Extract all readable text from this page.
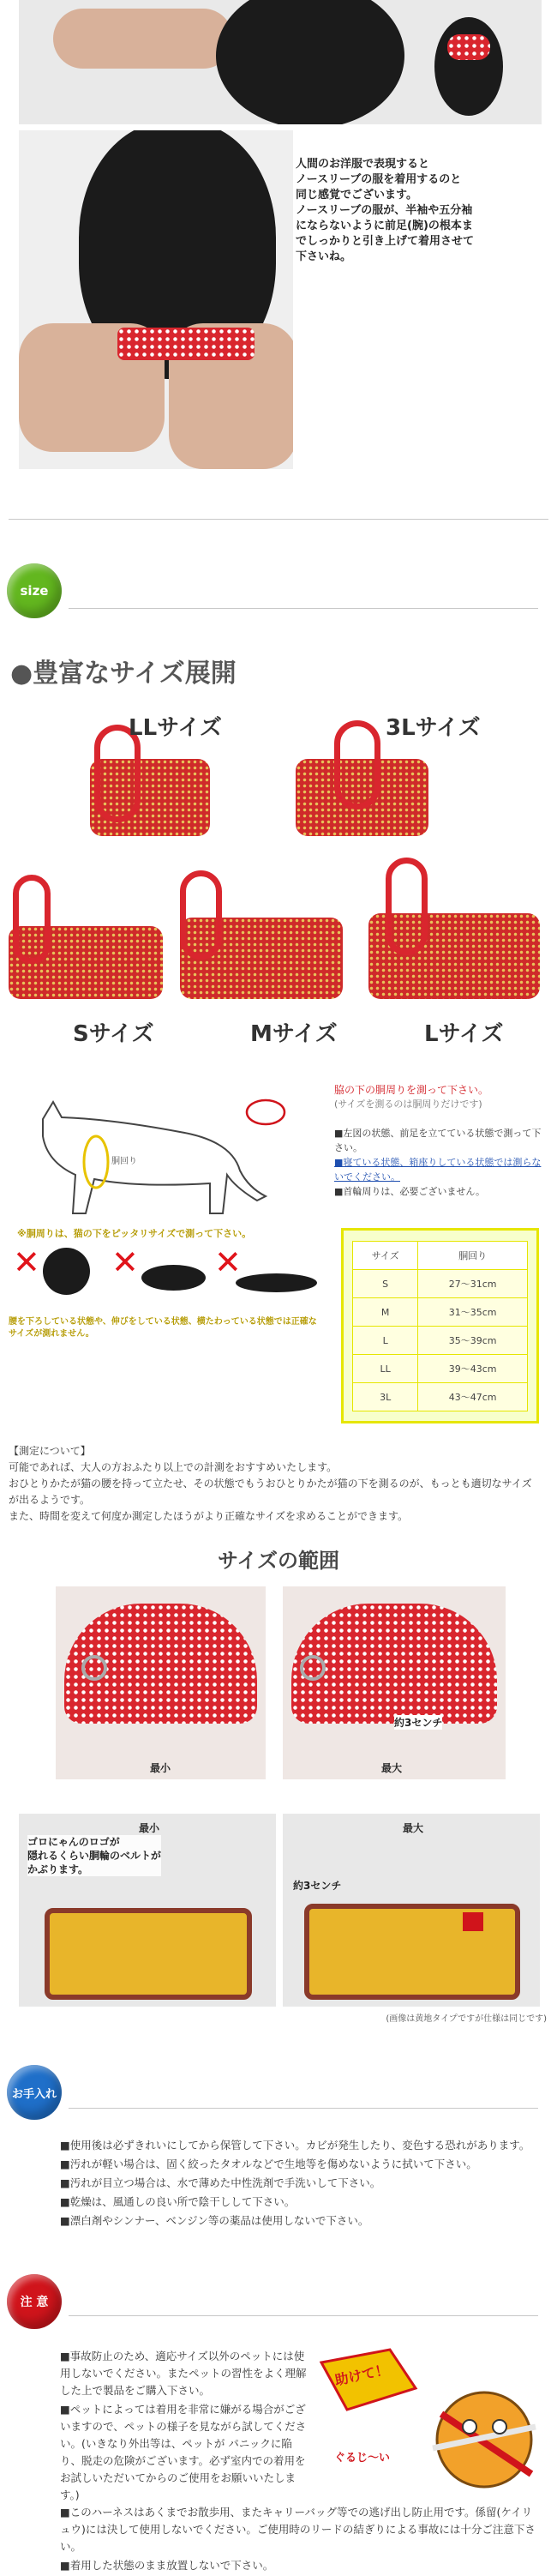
人間のお洋服で表現すると
ノースリーブの服を着用するのと
同じ感覚でございます。
ノースリーブの服が、半袖や五分袖
にならないように前足(腕)の根本ま
でしっかりと引き上げて着用させて
下さいね。
size
●豊富なサイズ展開
LLサイズ	3Lサイズ
Sサイズ	Mサイズ	Lサイズ
胴回り
※胴周りは、猫の下をピッタリサイズで測って下さい。
✕ ✕ ✕
腰を下ろしている状態や、伸びをしている状態、横たわっている状態では正確なサイズが測れません。
脇の下の胴周りを測って下さい。
(サイズを測るのは胴周りだけです)
■左図の状態、前足を立てている状態で測って下さい。
■寝ている状態、箱座りしている状態では測らないでください。
■首輪周りは、必要ございません。
サイズ	胴回り
S	27〜31cm
M	31〜35cm
L	35〜39cm
LL	39〜43cm
3L	43〜47cm
【測定について】
可能であれば、大人の方おふたり以上での計測をおすすめいたします。
おひとりかたが猫の腰を持って立たせ、その状態でもうおひとりかたが猫の下を測るのが、もっとも適切なサイズが出るようです。
また、時間を変えて何度か測定したほうがより正確なサイズを求めることができます。
サイズの範囲
最小
約3センチ
最大
最小
ゴロにゃんのロゴが
隠れるくらい胴輪のベルトが
かぶります。
最大
約3センチ
(画像は黄地タイプですが仕様は同じです)
お手入れ
■使用後は必ずきれいにしてから保管して下さい。カビが発生したり、変色する恐れがあります。
■汚れが軽い場合は、固く絞ったタオルなどで生地等を傷めないように拭いて下さい。
■汚れが目立つ場合は、水で薄めた中性洗剤で手洗いして下さい。
■乾燥は、風通しの良い所で陰干しして下さい。
■漂白剤やシンナー、ベンジン等の薬品は使用しないで下さい。
注 意
■事故防止のため、適応サイズ以外のペットには使用しないでください。またペットの習性をよく理解した上で製品をご購入下さい。
■ペットによっては着用を非常に嫌がる場合がございますので、ペットの様子を見ながら試してください。(いきなり外出等は、ペットが パニックに陥り、脱走の危険がございます。必ず室内での着用をお試しいただいてからのご使用をお願いいたします。)
■このハーネスはあくまでお散歩用、またキャリーバッグ等での逃げ出し防止用です。係留(ケイリュウ)には決して使用しないでください。ご使用時のリードの結ぎりによる事故には十分ご注意下さい。
■着用した状態のまま放置しないで下さい。
助けて！
ぐるじ～い
